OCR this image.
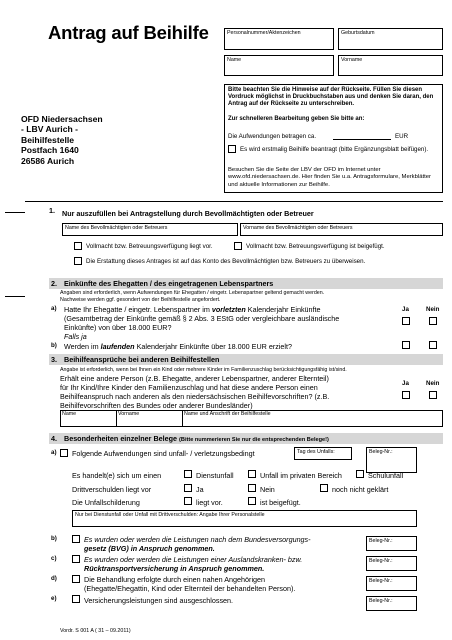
Antrag auf Beihilfe	Personalnummer/Aktenzeichen	Geburtsdatum
Name	Vorname
OFD Niedersachsen
- LBV Aurich -
Beihilfestelle
Postfach 1640
26586 Aurich
Bitte beachten Sie die Hinweise auf der Rückseite. Füllen Sie diesen Vordruck möglichst in Druckbuchstaben aus und denken Sie daran, den Antrag auf der Rückseite zu unterschreiben.
Zur schnelleren Bearbeitung geben Sie bitte an:
Die Aufwendungen betragen ca.	EUR
Es wird erstmalig Beihilfe beantragt (bitte Ergänzungsblatt beifügen).
Besuchen Sie die Seite der LBV der OFD im Internet unter www.ofd.niedersachsen.de. Hier finden Sie u.a. Antragsformulare, Merkblätter und aktuelle Informationen zur Beihilfe.
1. Nur auszufüllen bei Antragstellung durch Bevollmächtigten oder Betreuer
Name des Bevollmächtigten oder Betreuers	Vorname des Bevollmächtigten oder Betreuers
Vollmacht bzw. Betreuungsverfügung liegt vor.	Vollmacht bzw. Betreuungsverfügung ist beigefügt.
Die Erstattung dieses Antrages ist auf das Konto des Bevollmächtigten bzw. Betreuers zu überweisen.
2. Einkünfte des Ehegatten / des eingetragenen Lebenspartners
Angaben sind erforderlich, wenn Aufwendungen für Ehegatten / eingetr. Lebenspartner geltend gemacht werden.
Nachweise werden ggf. gesondert von der Beihilfestelle angefordert.
a) Hatte Ihr Ehegatte / eingetr. Lebenspartner im vorletzten Kalenderjahr Einkünfte
(Gesamtbetrag der Einkünfte gemäß § 2 Abs. 3 EStG oder vergleichbare ausländische
Einkünfte) von über 18.000 EUR?
Falls ja
Ja	Nein
b) Werden im laufenden Kalenderjahr Einkünfte über 18.000 EUR erzielt?
3. Beihilfeansprüche bei anderen Beihilfestellen
Angabe ist erforderlich, wenn bei Ihnen ein Kind oder mehrere Kinder im Familienzuschlag berücksichtigungsfähig ist/sind.
Erhält eine andere Person (z.B. Ehegatte, anderer Lebenspartner, anderer Elternteil)
für Ihr Kind/Ihre Kinder den Familienzuschlag und hat diese andere Person einen
Beihilfeanspruch nach anderen als den niedersächsischen Beihilfevorschriften? (z.B.
Beihilfevorschriften des Bundes oder anderer Bundesländer)
Ja	Nein
Name	Vorname	Name und Anschrift der Beihilfestelle
4. Besonderheiten einzelner Belege (Bitte nummerieren Sie nur die entsprechenden Belege!)
a) Folgende Aufwendungen sind unfall- / verletzungsbedingt	Tag des Unfalls:	Beleg-Nr.:
Es handelt(e) sich um einen	Dienstunfall	Unfall im privaten Bereich	Schulunfall
Drittverschulden liegt vor	Ja	Nein	noch nicht geklärt
Die Unfallschilderung	liegt vor.	ist beigefügt.
Nur bei Dienstunfall oder Unfall mit Drittverschulden: Angabe Ihrer Personalstelle
b)	Es wurden oder werden die Leistungen nach dem Bundesversorgungs-
gesetz (BVG) in Anspruch genommen.
Beleg-Nr.:
c)	Es wurden oder werden die Leistungen einer Auslandskranken- bzw.
Rücktransportversicherung in Anspruch genommen.
Beleg-Nr.:
d)	Die Behandlung erfolgte durch einen nahen Angehörigen
(Ehegatte/Ehegattin, Kind oder Elternteil der behandelten Person).
Beleg-Nr.:
e)	Versicherungsleistungen sind ausgeschlossen.	Beleg-Nr.:
Vordr. S 001 A ( 31 – 09.2011)
